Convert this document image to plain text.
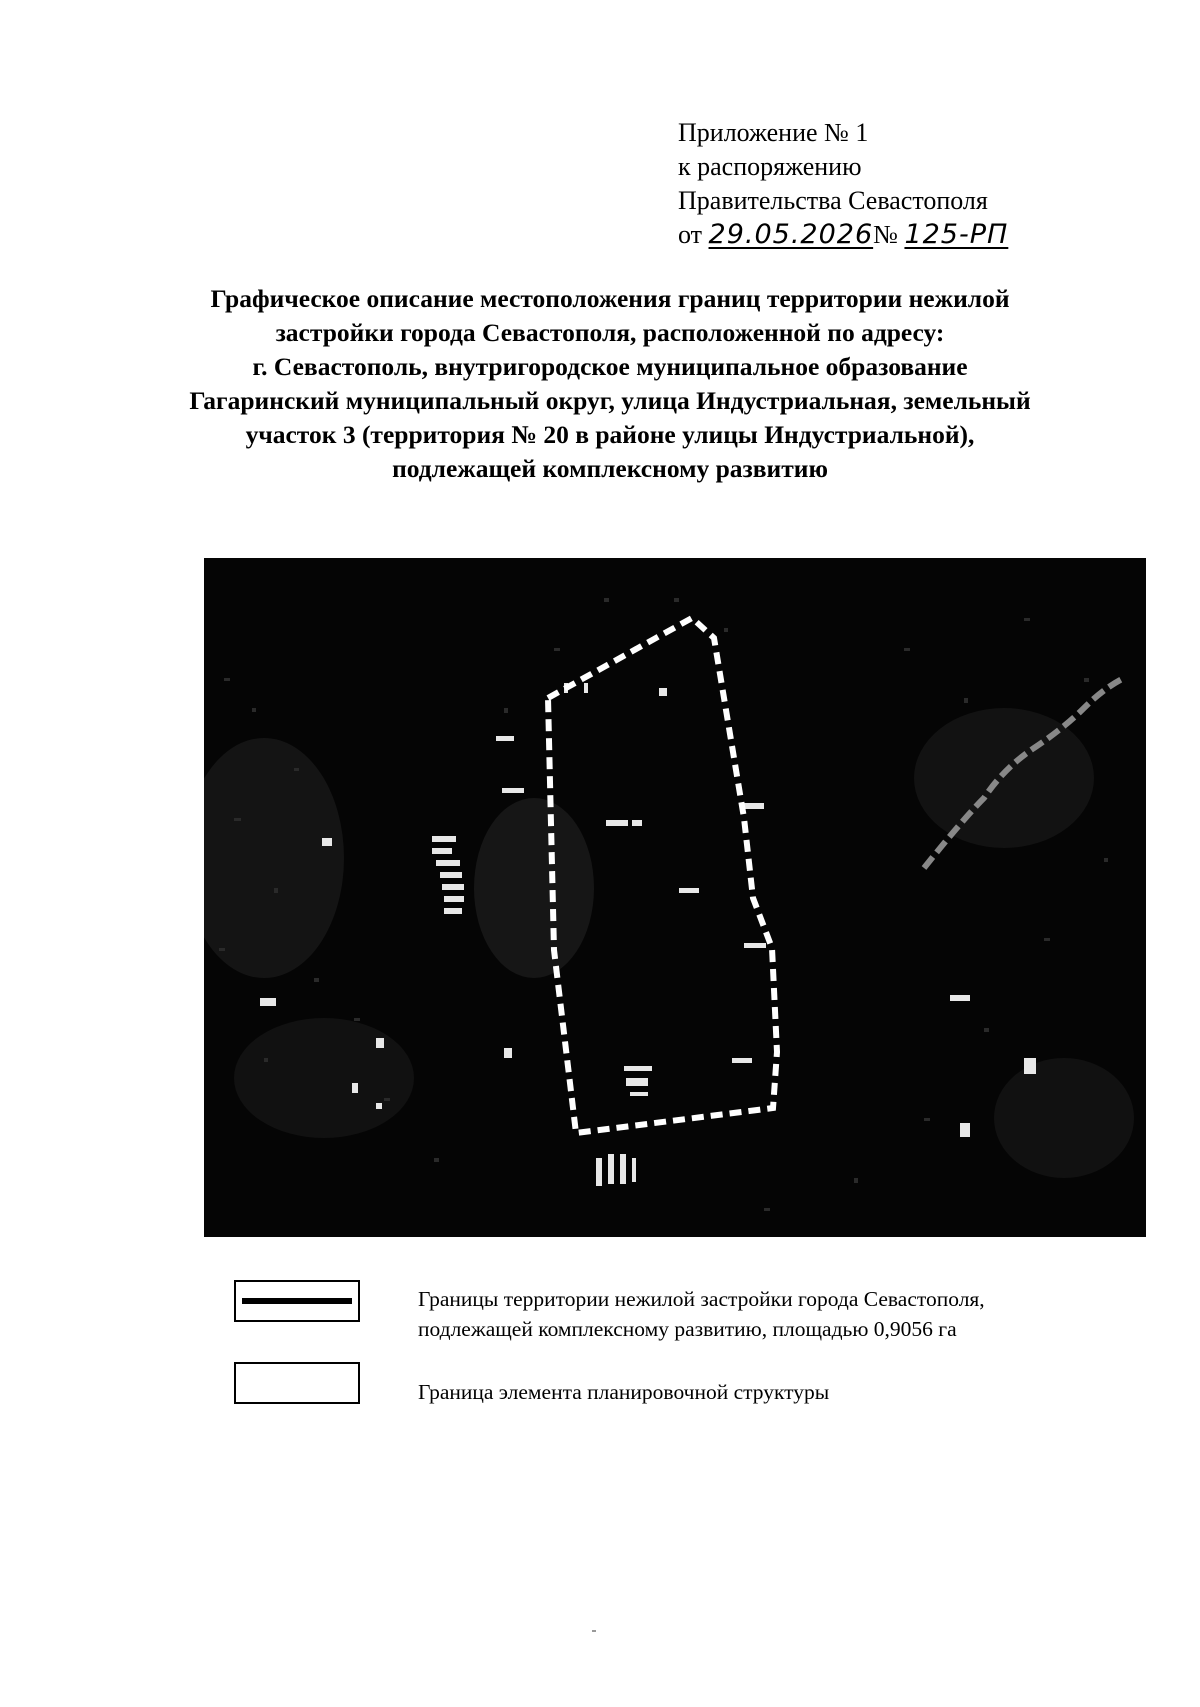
Приложение № 1
к распоряжению
Правительства Севастополя
от 29.05.2026№ 125-РП
Графическое описание местоположения границ территории нежилой
застройки города Севастополя, расположенной по адресу:
г. Севастополь, внутригородское муниципальное образование
Гагаринский муниципальный округ, улица Индустриальная, земельный
участок 3 (территория № 20 в районе улицы Индустриальной),
подлежащей комплексному развитию
Границы территории нежилой застройки города Севастополя,
подлежащей комплексному развитию, площадью 0,9056 га
Граница элемента планировочной структуры
